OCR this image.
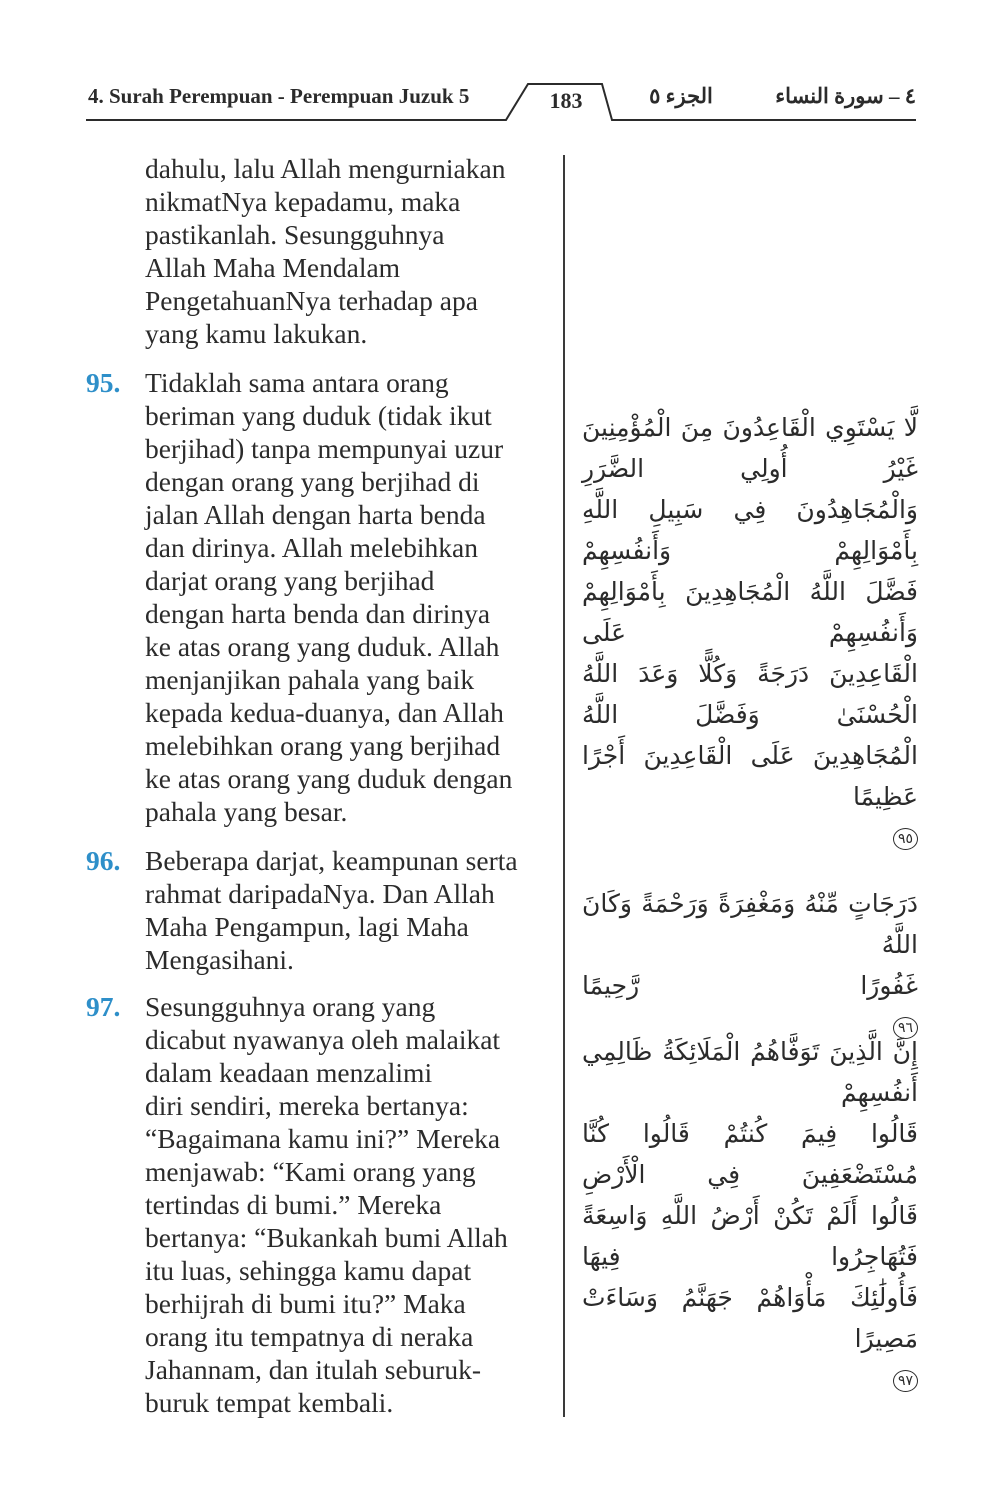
4. Surah Perempuan - Perempuan Juzuk 5	183	الجزء ٥	٤ – سورة النساء
dahulu, lalu Allah mengurniakan
nikmatNya kepadamu, maka
pastikanlah. Sesungguhnya
Allah Maha Mendalam
PengetahuanNya terhadap apa
yang kamu lakukan.
95. Tidaklah sama antara orang
beriman yang duduk (tidak ikut
berjihad) tanpa mempunyai uzur
dengan orang yang berjihad di
jalan Allah dengan harta benda
dan dirinya. Allah melebihkan
darjat orang yang berjihad
dengan harta benda dan dirinya
ke atas orang yang duduk. Allah
menjanjikan pahala yang baik
kepada kedua-duanya, dan Allah
melebihkan orang yang berjihad
ke atas orang yang duduk dengan
pahala yang besar.

لَّا يَسْتَوِي الْقَاعِدُونَ مِنَ الْمُؤْمِنِينَ غَيْرُ أُولِي الضَّرَرِ
وَالْمُجَاهِدُونَ فِي سَبِيلِ اللَّهِ بِأَمْوَالِهِمْ وَأَنفُسِهِمْ
فَضَّلَ اللَّهُ الْمُجَاهِدِينَ بِأَمْوَالِهِمْ وَأَنفُسِهِمْ عَلَى
الْقَاعِدِينَ دَرَجَةً وَكُلًّا وَعَدَ اللَّهُ الْحُسْنَىٰ وَفَضَّلَ اللَّهُ
الْمُجَاهِدِينَ عَلَى الْقَاعِدِينَ أَجْرًا عَظِيمًا
٩٥

96. Beberapa darjat, keampunan serta
rahmat daripadaNya. Dan Allah
Maha Pengampun, lagi Maha
Mengasihani.

دَرَجَاتٍ مِّنْهُ وَمَغْفِرَةً وَرَحْمَةً وَكَانَ اللَّهُ
غَفُورًا رَّحِيمًا
٩٦

97. Sesungguhnya orang yang
dicabut nyawanya oleh malaikat
dalam keadaan menzalimi
diri sendiri, mereka bertanya:
“Bagaimana kamu ini?” Mereka
menjawab: “Kami orang yang
tertindas di bumi.” Mereka
bertanya: “Bukankah bumi Allah
itu luas, sehingga kamu dapat
berhijrah di bumi itu?” Maka
orang itu tempatnya di neraka
Jahannam, dan itulah seburuk-
buruk tempat kembali.

إِنَّ الَّذِينَ تَوَفَّاهُمُ الْمَلَائِكَةُ ظَالِمِي أَنفُسِهِمْ
قَالُوا فِيمَ كُنتُمْ قَالُوا كُنَّا مُسْتَضْعَفِينَ فِي الْأَرْضِ
قَالُوا أَلَمْ تَكُنْ أَرْضُ اللَّهِ وَاسِعَةً فَتُهَاجِرُوا فِيهَا
فَأُولَٰئِكَ مَأْوَاهُمْ جَهَنَّمُ وَسَاءَتْ مَصِيرًا
٩٧
